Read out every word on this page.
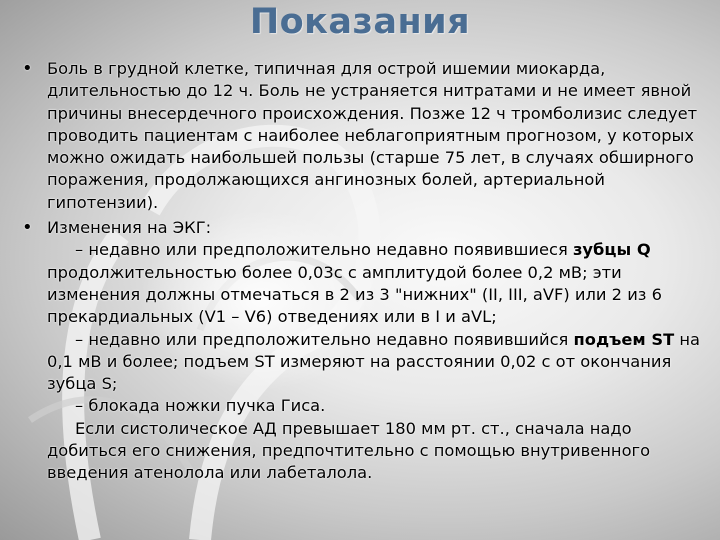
Показания
• Боль в грудной клетке, типичная для острой ишемии миокарда, длительностью до 12 ч. Боль не устраняется нитратами и не имеет явной причины внесердечного происхождения. Позже 12 ч тромболизис следует проводить пациентам с наиболее неблагоприятным прогнозом, у которых можно ожидать наибольшей пользы (старше 75 лет, в случаях обширного поражения, продолжающихся ангинозных болей, артериальной гипотензии).

• Изменения на ЭКГ:

– недавно или предположительно недавно появившиеся зубцы Q продолжительностью более 0,03с с амплитудой более 0,2 мВ; эти изменения должны отмечаться в 2 из 3 "нижних" (II, III, aVF) или 2 из 6 прекардиальных (V1 – V6) отведениях или в I и aVL;

– недавно или предположительно недавно появившийся подъем ST на 0,1 мВ и более; подъем ST измеряют на расстоянии 0,02 с от окончания зубца S;

– блокада ножки пучка Гиса.

Если систолическое АД превышает 180 мм рт. ст., сначала надо добиться его снижения, предпочтительно с помощью внутривенного введения атенолола или лабеталола.
